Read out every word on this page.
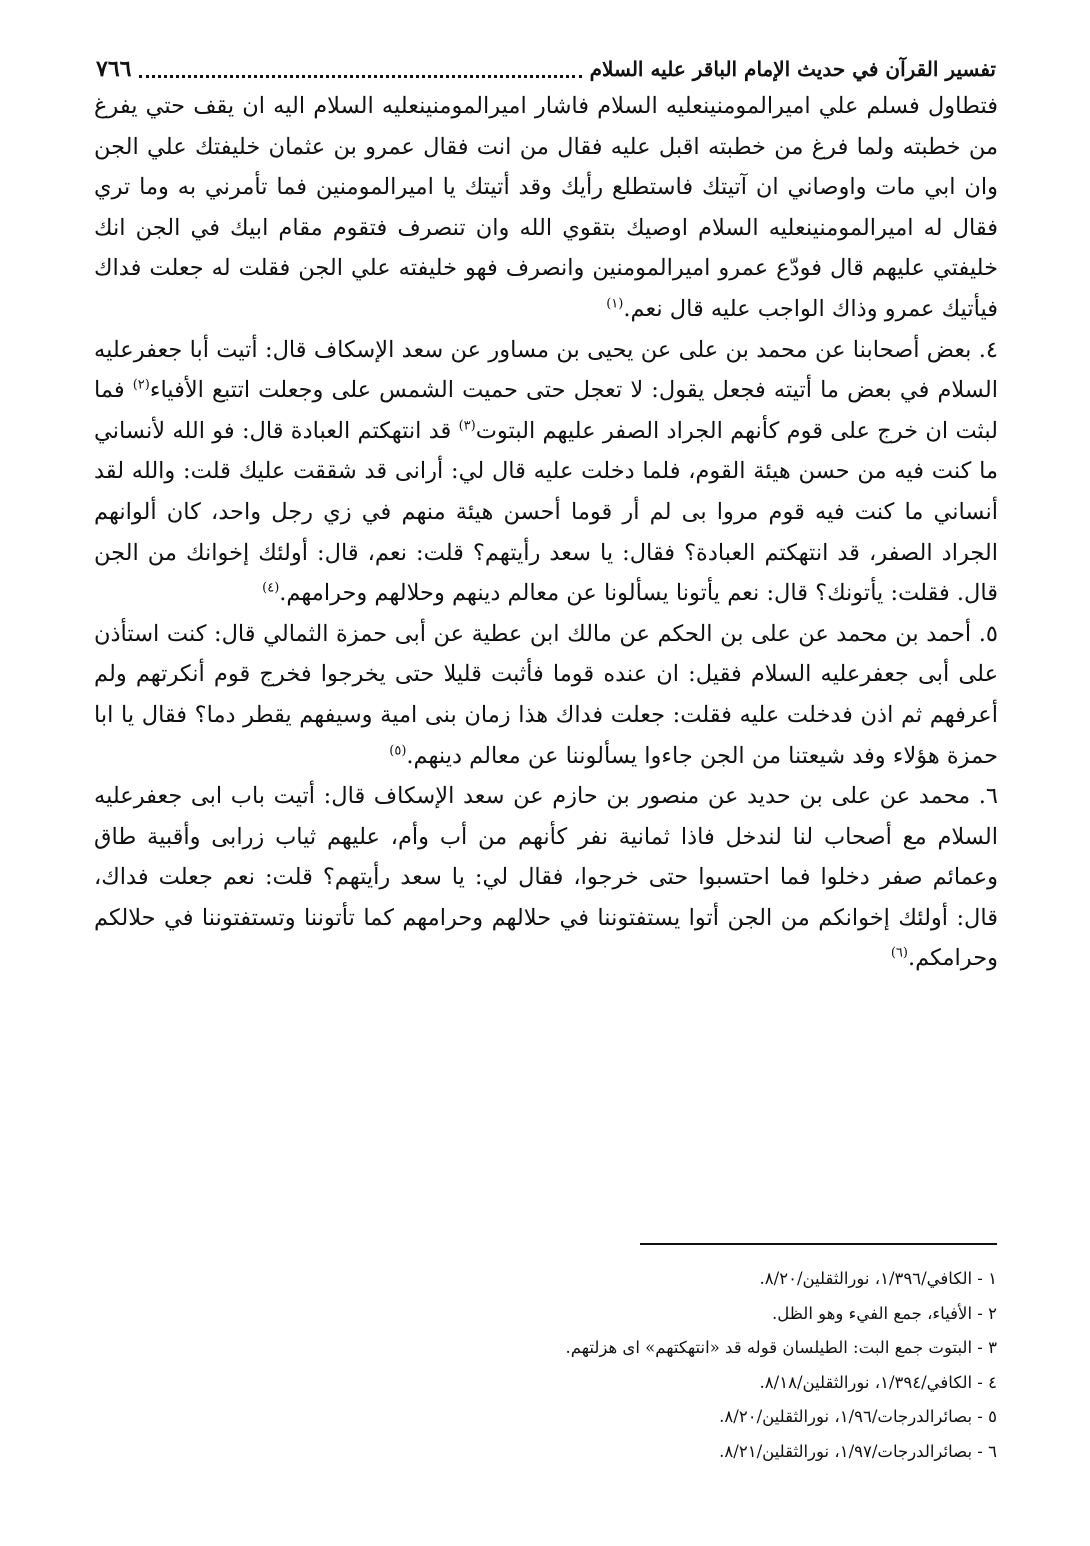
تفسير القرآن في حديث الإمام الباقر عليه السلام
٧٦٦

فتطاول فسلم علي اميرالمومنينعليه السلام فاشار اميرالمومنينعليه السلام اليه ان يقف حتي يفرغ من خطبته ولما فرغ من خطبته اقبل عليه فقال من انت فقال عمرو بن عثمان خليفتك علي الجن وان ابي مات واوصاني ان آتيتك فاستطلع رأيك وقد أتيتك يا اميرالمومنين فما تأمرني به وما تري فقال له اميرالمومنينعليه السلام اوصيك بتقوي الله وان تنصرف فتقوم مقام ابيك في الجن انك خليفتي عليهم قال فودّع عمرو اميرالمومنين وانصرف فهو خليفته علي الجن فقلت له جعلت فداك فيأتيك عمرو وذاك الواجب عليه قال نعم.$^{(١)}$

٤. بعض أصحابنا عن محمد بن على عن يحيى بن مساور عن سعد الإسكاف قال: أتيت أبا جعفرعليه السلام في بعض ما أتيته فجعل يقول: لا تعجل حتى حميت الشمس على وجعلت اتتبع الأفياء$^{(٢)}$ فما لبثت ان خرج على قوم كأنهم الجراد الصفر عليهم البتوت$^{(٣)}$ قد انتهكتم العبادة قال: فو الله لأنساني ما كنت فيه من حسن هيئة القوم، فلما دخلت عليه قال لي: أرانى قد شققت عليك قلت: والله لقد أنساني ما كنت فيه قوم مروا بى لم أر قوما أحسن هيئة منهم في زي رجل واحد، كان ألوانهم الجراد الصفر، قد انتهكتم العبادة؟ فقال: يا سعد رأيتهم؟ قلت: نعم، قال: أولئك إخوانك من الجن قال. فقلت: يأتونك؟ قال: نعم يأتونا يسألونا عن معالم دينهم وحلالهم وحرامهم.$^{(٤)}$

٥. أحمد بن محمد عن على بن الحكم عن مالك ابن عطية عن أبى حمزة الثمالي قال: كنت استأذن على أبى جعفرعليه السلام فقيل: ان عنده قوما فأثبت قليلا حتى يخرجوا فخرج قوم أنكرتهم ولم أعرفهم ثم اذن فدخلت عليه فقلت: جعلت فداك هذا زمان بنى امية وسيفهم يقطر دما؟ فقال يا ابا حمزة هؤلاء وفد شيعتنا من الجن جاءوا يسألوننا عن معالم دينهم.$^{(٥)}$

٦. محمد عن على بن حديد عن منصور بن حازم عن سعد الإسكاف قال: أتيت باب ابى جعفرعليه السلام مع أصحاب لنا لندخل فاذا ثمانية نفر كأنهم من أب وأم، عليهم ثياب زرابى وأقبية طاق وعمائم صفر دخلوا فما احتسبوا حتى خرجوا، فقال لي: يا سعد رأيتهم؟ قلت: نعم جعلت فداك، قال: أولئك إخوانكم من الجن أتوا يستفتوننا في حلالهم وحرامهم كما تأتوننا وتستفتوننا في حلالكم وحرامكم.$^{(٦)}$

١ - الكافي/١/٣٩٦، نورالثقلين/٨/٢٠.
٢ - الأفياء، جمع الفيء وهو الظل.
٣ - البتوت جمع البت: الطيلسان قوله قد «انتهكتهم» اى هزلتهم.
٤ - الكافي/١/٣٩٤، نورالثقلين/٨/١٨.
٥ - بصائرالدرجات/١/٩٦، نورالثقلين/٨/٢٠.
٦ - بصائرالدرجات/١/٩٧، نورالثقلين/٨/٢١.
